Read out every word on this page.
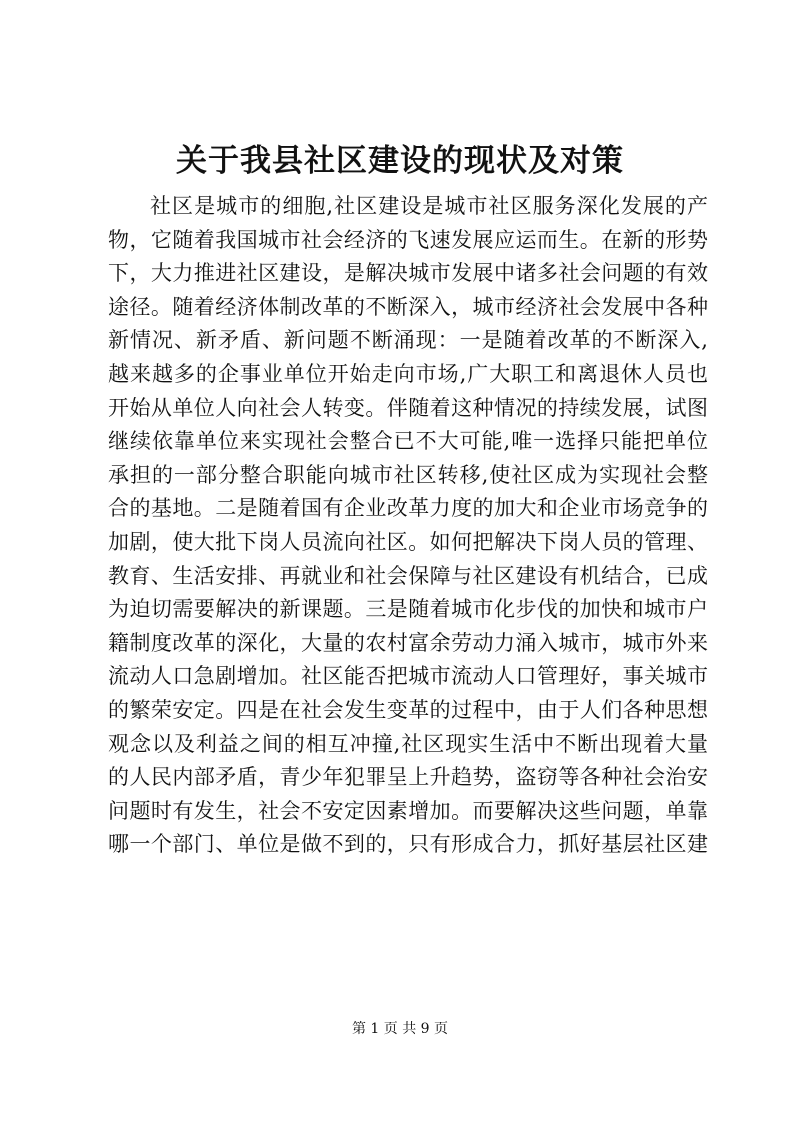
关于我县社区建设的现状及对策
社区是城市的细胞,社区建设是城市社区服务深化发展的产
物，它随着我国城市社会经济的飞速发展应运而生。在新的形势
下，大力推进社区建设，是解决城市发展中诸多社会问题的有效
途径。随着经济体制改革的不断深入，城市经济社会发展中各种
新情况、新矛盾、新问题不断涌现：一是随着改革的不断深入,
越来越多的企事业单位开始走向市场,广大职工和离退休人员也
开始从单位人向社会人转变。伴随着这种情况的持续发展，试图
继续依靠单位来实现社会整合已不大可能,唯一选择只能把单位
承担的一部分整合职能向城市社区转移,使社区成为实现社会整
合的基地。二是随着国有企业改革力度的加大和企业市场竞争的
加剧，使大批下岗人员流向社区。如何把解决下岗人员的管理、
教育、生活安排、再就业和社会保障与社区建设有机结合，已成
为迫切需要解决的新课题。三是随着城市化步伐的加快和城市户
籍制度改革的深化，大量的农村富余劳动力涌入城市，城市外来
流动人口急剧增加。社区能否把城市流动人口管理好，事关城市
的繁荣安定。四是在社会发生变革的过程中，由于人们各种思想
观念以及利益之间的相互冲撞,社区现实生活中不断出现着大量
的人民内部矛盾，青少年犯罪呈上升趋势，盗窃等各种社会治安
问题时有发生，社会不安定因素增加。而要解决这些问题，单靠
哪一个部门、单位是做不到的，只有形成合力，抓好基层社区建
第 1 页 共 9 页
